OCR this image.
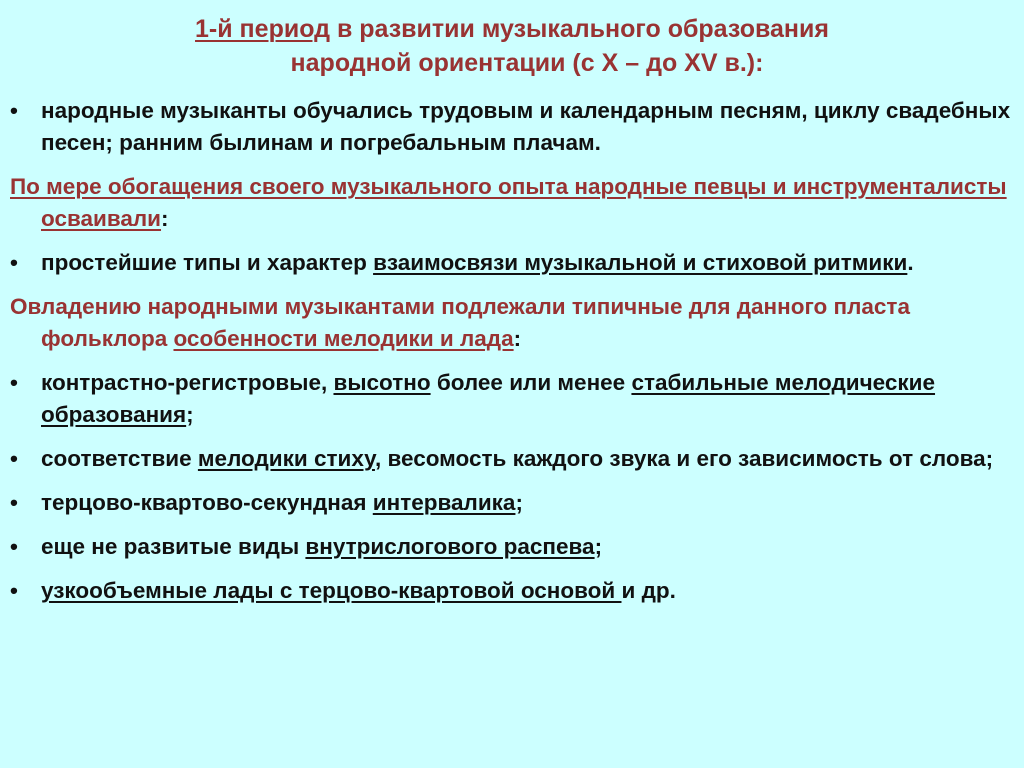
1-й период в развитии музыкального образования
народной ориентации (с X – до XV в.):
• народные музыканты обучались трудовым и календарным песням, циклу свадебных песен; ранним былинам и погребальным плачам.
По мере обогащения своего музыкального опыта народные певцы и инструменталисты осваивали:
• простейшие типы и характер взаимосвязи музыкальной и стиховой ритмики.
Овладению народными музыкантами подлежали типичные для данного пласта фольклора особенности мелодики и лада:
• контрастно-регистровые, высотно более или менее стабильные мелодические образования;
• соответствие мелодики стиху, весомость каждого звука и его зависимость от слова;
• терцово-квартово-секундная интервалика;
• еще не развитые виды внутрислогового распева;
• узкообъемные лады с терцово-квартовой основой и др.
